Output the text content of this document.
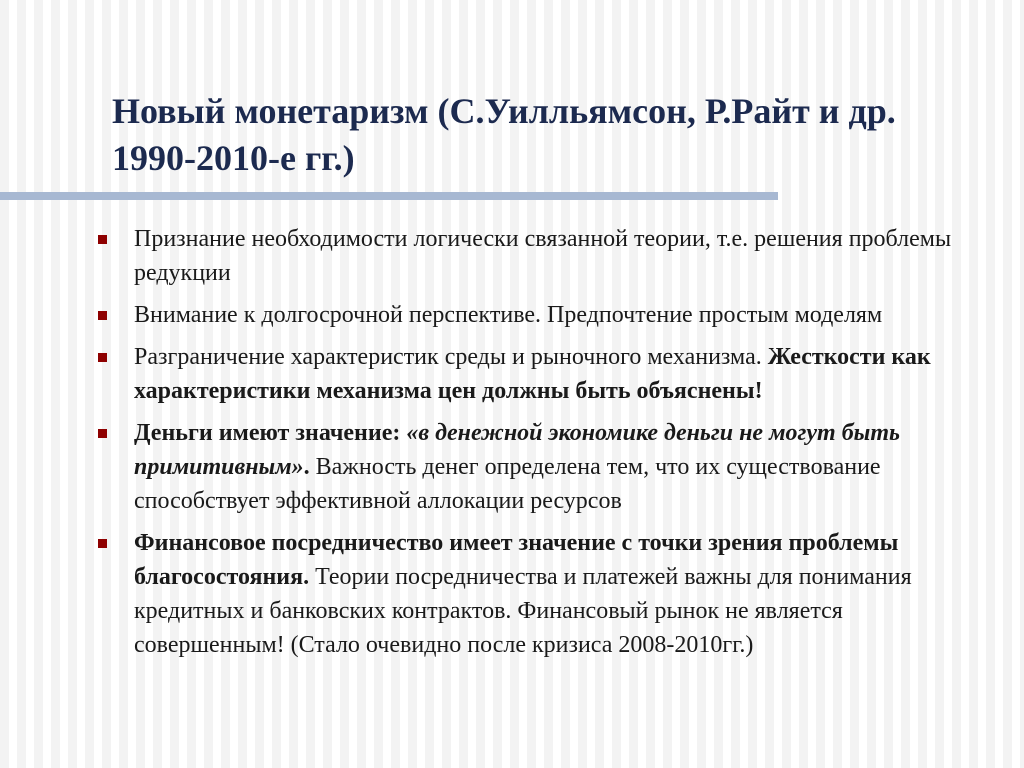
Новый монетаризм (С.Уилльямсон, Р.Райт и др.
1990-2010-е гг.)
Признание необходимости логически связанной теории, т.е. решения проблемы редукции
Внимание к долгосрочной перспективе. Предпочтение простым моделям
Разграничение характеристик среды и рыночного механизма. Жесткости как характеристики механизма цен должны быть объяснены!
Деньги имеют значение: «в денежной экономике деньги не могут быть примитивным». Важность денег определена тем, что их существование способствует эффективной аллокации ресурсов
Финансовое посредничество имеет значение с точки зрения проблемы благосостояния. Теории посредничества и платежей важны для понимания кредитных и банковских контрактов. Финансовый рынок не является совершенным! (Стало очевидно после кризиса 2008-2010гг.)
